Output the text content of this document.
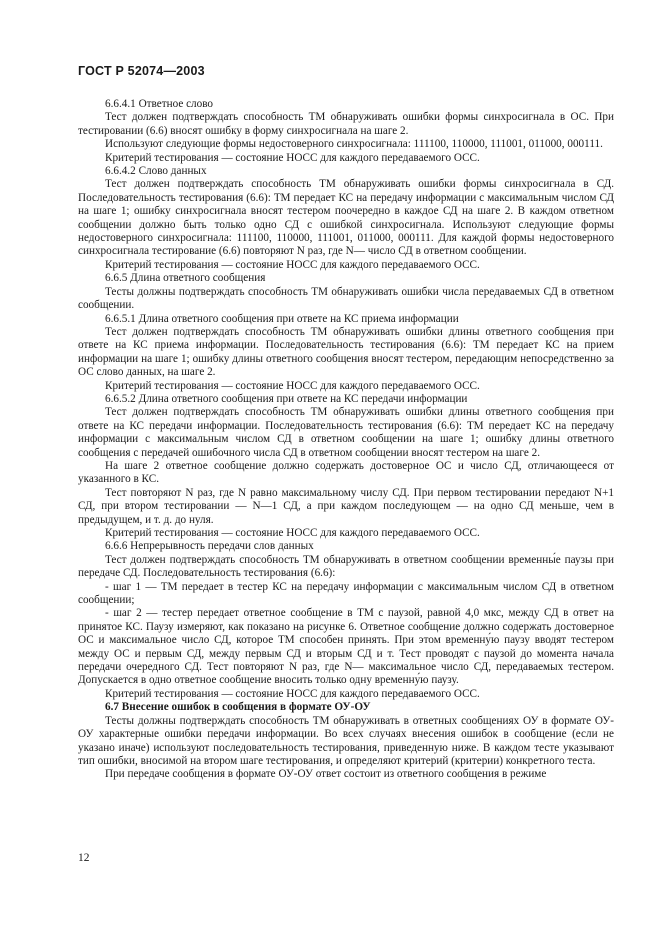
ГОСТ Р 52074—2003

6.6.4.1 Ответное слово

Тест должен подтверждать способность ТМ обнаруживать ошибки формы синхросигнала в ОС. При тестировании (6.6) вносят ошибку в форму синхросигнала на шаге 2.

Используют следующие формы недостоверного синхросигнала: 111100, 110000, 111001, 011000, 000111.

Критерий тестирования — состояние НОСС для каждого передаваемого ОСС.

6.6.4.2 Слово данных

Тест должен подтверждать способность ТМ обнаруживать ошибки формы синхросигнала в СД. Последовательность тестирования (6.6): ТМ передает КС на передачу информации с максимальным числом СД на шаге 1; ошибку синхросигнала вносят тестером поочередно в каждое СД на шаге 2. В каждом ответном сообщении должно быть только одно СД с ошибкой синхросигнала. Используют следующие формы недостоверного синхросигнала: 111100, 110000, 111001, 011000, 000111. Для каждой формы недостоверного синхросигнала тестирование (6.6) повторяют N раз, где N— число СД в ответном сообщении.

Критерий тестирования — состояние НОСС для каждого передаваемого ОСС.

6.6.5 Длина ответного сообщения

Тесты должны подтверждать способность ТМ обнаруживать ошибки числа передаваемых СД в ответном сообщении.

6.6.5.1 Длина ответного сообщения при ответе на КС приема информации

Тест должен подтверждать способность ТМ обнаруживать ошибки длины ответного сообщения при ответе на КС приема информации. Последовательность тестирования (6.6): ТМ передает КС на прием информации на шаге 1; ошибку длины ответного сообщения вносят тестером, передающим непосредственно за ОС слово данных, на шаге 2.

Критерий тестирования — состояние НОСС для каждого передаваемого ОСС.

6.6.5.2 Длина ответного сообщения при ответе на КС передачи информации

Тест должен подтверждать способность ТМ обнаруживать ошибки длины ответного сообщения при ответе на КС передачи информации. Последовательность тестирования (6.6): ТМ передает КС на передачу информации с максимальным числом СД в ответном сообщении на шаге 1; ошибку длины ответного сообщения с передачей ошибочного числа СД в ответном сообщении вносят тестером на шаге 2.

На шаге 2 ответное сообщение должно содержать достоверное ОС и число СД, отличающееся от указанного в КС.

Тест повторяют N раз, где N равно максимальному числу СД. При первом тестировании передают N+1 СД, при втором тестировании — N—1 СД, а при каждом последующем — на одно СД меньше, чем в предыдущем, и т. д. до нуля.

Критерий тестирования — состояние НОСС для каждого передаваемого ОСС.

6.6.6 Непрерывность передачи слов данных

Тест должен подтверждать способность ТМ обнаруживать в ответном сообщении временны́е паузы при передаче СД. Последовательность тестирования (6.6):

- шаг 1 — ТМ передает в тестер КС на передачу информации с максимальным числом СД в ответном сообщении;

- шаг 2 — тестер передает ответное сообщение в ТМ с паузой, равной 4,0 мкс, между СД в ответ на принятое КС. Паузу измеряют, как показано на рисунке 6. Ответное сообщение должно содержать достоверное ОС и максимальное число СД, которое ТМ способен принять. При этом временну́ю паузу вводят тестером между ОС и первым СД, между первым СД и вторым СД и т. Тест проводят с паузой до момента начала передачи очередного СД. Тест повторяют N раз, где N— максимальное число СД, передаваемых тестером. Допускается в одно ответное сообщение вносить только одну временну́ю паузу.

Критерий тестирования — состояние НОСС для каждого передаваемого ОСС.

6.7 Внесение ошибок в сообщения в формате ОУ-ОУ

Тесты должны подтверждать способность ТМ обнаруживать в ответных сообщениях ОУ в формате ОУ-ОУ характерные ошибки передачи информации. Во всех случаях внесения ошибок в сообщение (если не указано иначе) используют последовательность тестирования, приведенную ниже. В каждом тесте указывают тип ошибки, вносимой на втором шаге тестирования, и определяют критерий (критерии) конкретного теста.

При передаче сообщения в формате ОУ-ОУ ответ состоит из ответного сообщения в режиме

12
